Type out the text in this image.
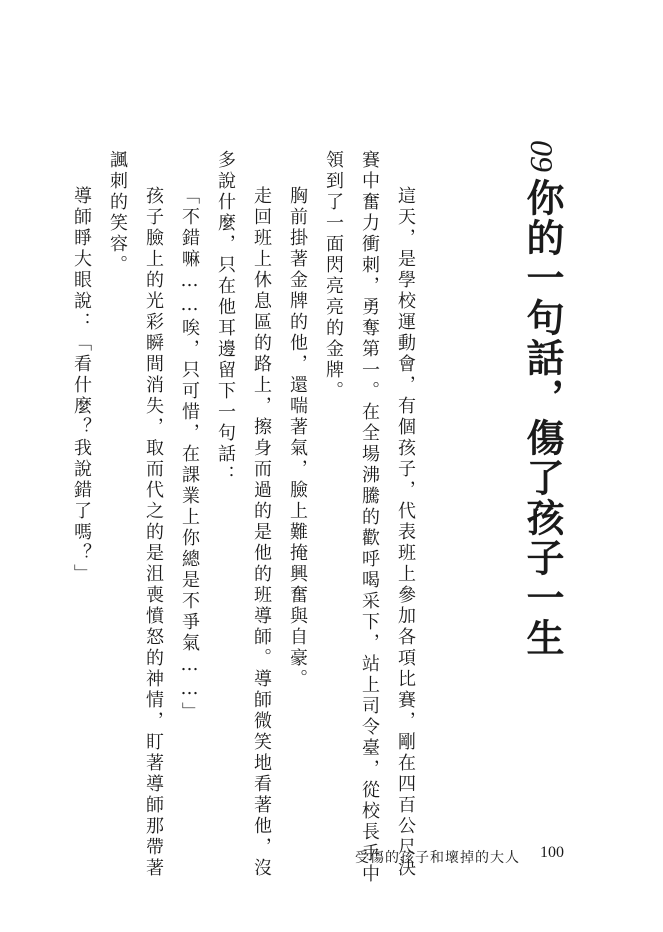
09你的一句話，傷了孩子一生

這天，是學校運動會，有個孩子，代表班上參加各項比賽，剛在四百公尺決

賽中奮力衝刺，勇奪第一。在全場沸騰的歡呼喝采下，站上司令臺，從校長手中

領到了一面閃亮亮的金牌。

胸前掛著金牌的他，還喘著氣，臉上難掩興奮與自豪。

走回班上休息區的路上，擦身而過的是他的班導師。導師微笑地看著他，沒

多說什麼，只在他耳邊留下一句話：

「不錯嘛……唉，只可惜，在課業上你總是不爭氣……」

孩子臉上的光彩瞬間消失，取而代之的是沮喪憤怒的神情，盯著導師那帶著

諷刺的笑容。

導師睜大眼說：「看什麼？我說錯了嗎？」

受傷的孩子和壞掉的大人 100
